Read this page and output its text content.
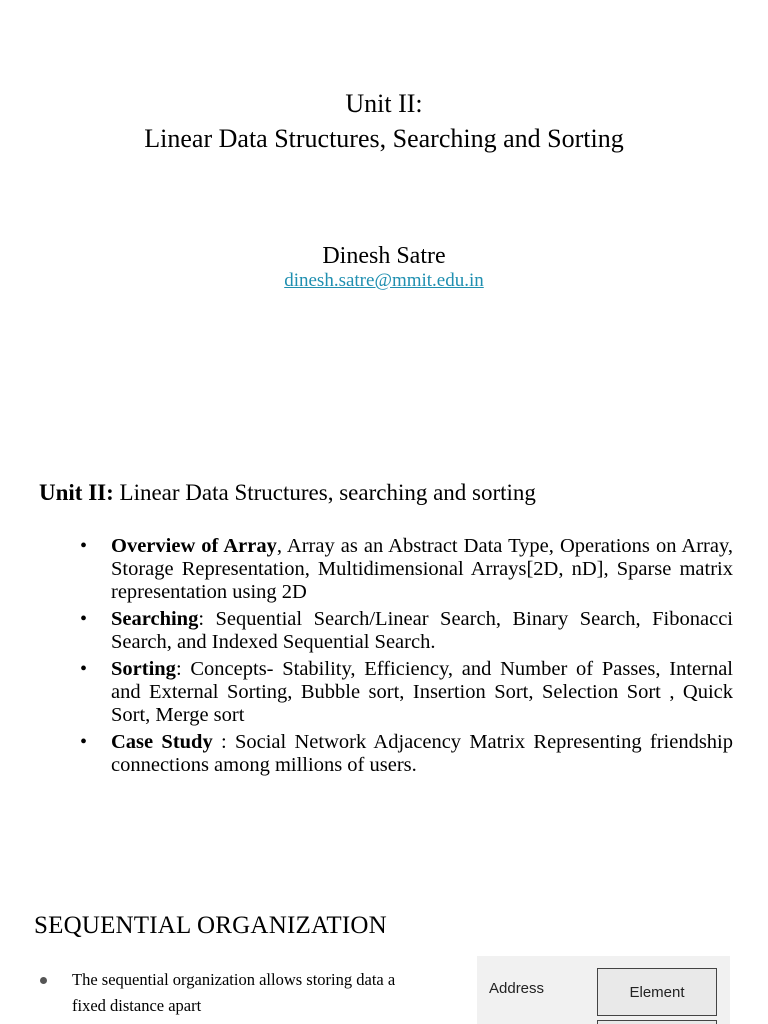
Unit II:
Linear Data Structures, Searching and Sorting
Dinesh Satre
dinesh.satre@mmit.edu.in
Unit II: Linear Data Structures, searching and sorting
• Overview of Array, Array as an Abstract Data Type, Operations on Array, Storage Representation, Multidimensional Arrays[2D, nD], Sparse matrix representation using 2D
• Searching: Sequential Search/Linear Search, Binary Search, Fibonacci Search, and Indexed Sequential Search.
• Sorting: Concepts- Stability, Efficiency, and Number of Passes, Internal and External Sorting, Bubble sort, Insertion Sort, Selection Sort , Quick Sort, Merge sort
• Case Study : Social Network Adjacency Matrix Representing friendship connections among millions of users.
SEQUENTIAL ORGANIZATION
The sequential organization allows storing data a
fixed distance apart
Address	Element
